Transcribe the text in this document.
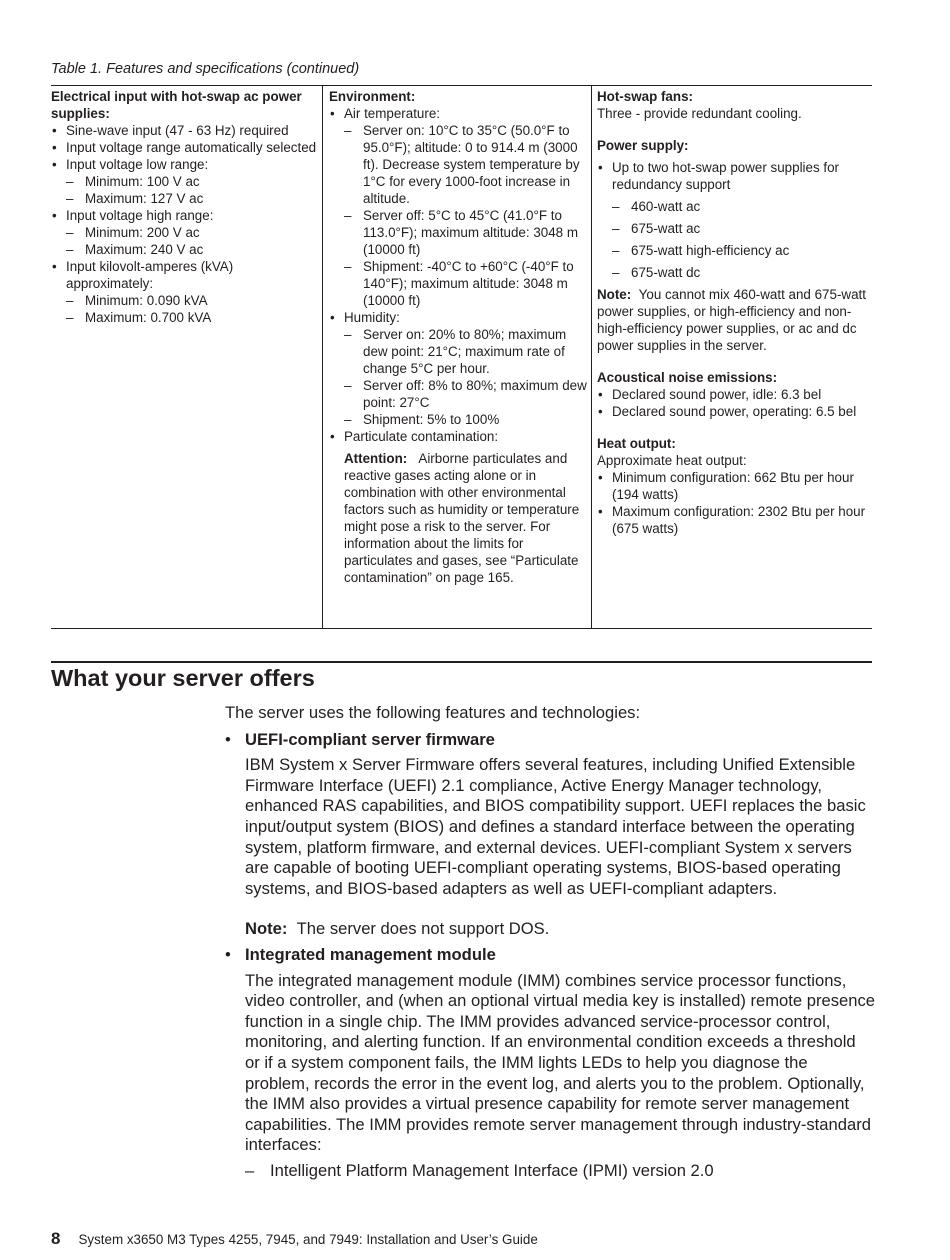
Table 1. Features and specifications (continued)
Electrical input with hot-swap ac power supplies:
• Sine-wave input (47 - 63 Hz) required
• Input voltage range automatically selected
• Input voltage low range:
– Minimum: 100 V ac
– Maximum: 127 V ac
• Input voltage high range:
– Minimum: 200 V ac
– Maximum: 240 V ac
• Input kilovolt-amperes (kVA) approximately:
– Minimum: 0.090 kVA
– Maximum: 0.700 kVA
Environment:
• Air temperature:
– Server on: 10°C to 35°C (50.0°F to 95.0°F); altitude: 0 to 914.4 m (3000 ft). Decrease system temperature by 1°C for every 1000-foot increase in altitude.
– Server off: 5°C to 45°C (41.0°F to 113.0°F); maximum altitude: 3048 m (10000 ft)
– Shipment: -40°C to +60°C (-40°F to 140°F); maximum altitude: 3048 m (10000 ft)
• Humidity:
– Server on: 20% to 80%; maximum dew point: 21°C; maximum rate of change 5°C per hour.
– Server off: 8% to 80%; maximum dew point: 27°C
– Shipment: 5% to 100%
• Particulate contamination:

Attention: Airborne particulates and reactive gases acting alone or in combination with other environmental factors such as humidity or temperature might pose a risk to the server. For information about the limits for particulates and gases, see “Particulate contamination” on page 165.

Hot-swap fans:

Three - provide redundant cooling.

Power supply:
• Up to two hot-swap power supplies for redundancy support
– 460-watt ac
– 675-watt ac
– 675-watt high-efficiency ac
– 675-watt dc

Note: You cannot mix 460-watt and 675-watt power supplies, or high-efficiency and non-high-efficiency power supplies, or ac and dc power supplies in the server.

Acoustical noise emissions:
• Declared sound power, idle: 6.3 bel
• Declared sound power, operating: 6.5 bel
Heat output:

Approximate heat output:

• Minimum configuration: 662 Btu per hour (194 watts)
• Maximum configuration: 2302 Btu per hour (675 watts)
What your server offers

The server uses the following features and technologies:

• UEFI-compliant server firmware

IBM System x Server Firmware offers several features, including Unified Extensible Firmware Interface (UEFI) 2.1 compliance, Active Energy Manager technology, enhanced RAS capabilities, and BIOS compatibility support. UEFI replaces the basic input/output system (BIOS) and defines a standard interface between the operating system, platform firmware, and external devices. UEFI-compliant System x servers are capable of booting UEFI-compliant operating systems, BIOS-based operating systems, and BIOS-based adapters as well as UEFI-compliant adapters.

Note: The server does not support DOS.

• Integrated management module

The integrated management module (IMM) combines service processor functions, video controller, and (when an optional virtual media key is installed) remote presence function in a single chip. The IMM provides advanced service-processor control, monitoring, and alerting function. If an environmental condition exceeds a threshold or if a system component fails, the IMM lights LEDs to help you diagnose the problem, records the error in the event log, and alerts you to the problem. Optionally, the IMM also provides a virtual presence capability for remote server management capabilities. The IMM provides remote server management through industry-standard interfaces:

– Intelligent Platform Management Interface (IPMI) version 2.0
8 System x3650 M3 Types 4255, 7945, and 7949: Installation and User’s Guide
